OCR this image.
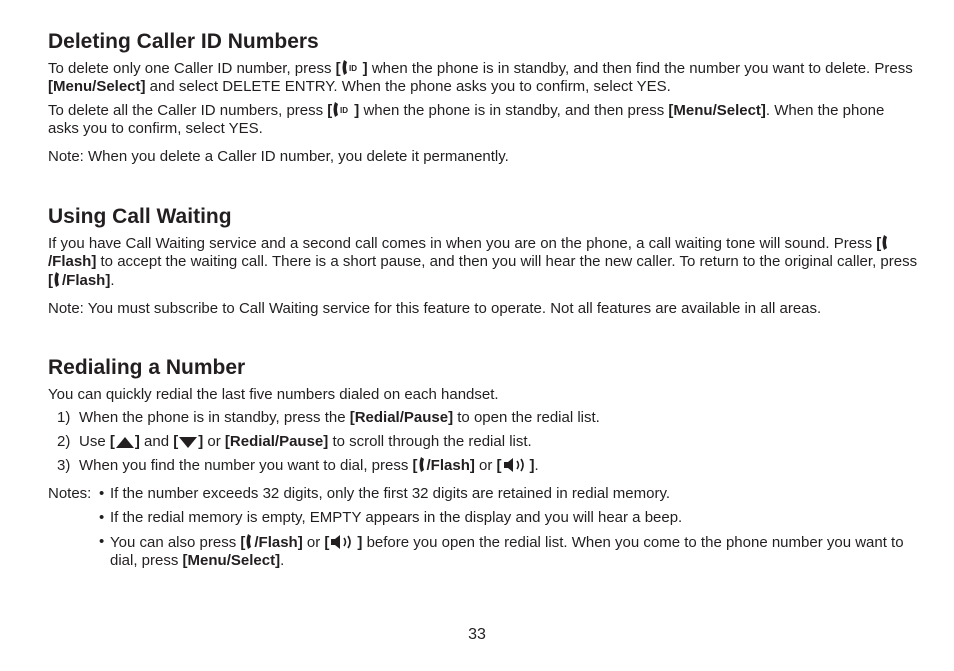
Deleting Caller ID Numbers

To delete only one Caller ID number, press [ ID ] when the phone is in standby, and then find the number you want to delete. Press [Menu/Select] and select DELETE ENTRY. When the phone asks you to confirm, select YES.

To delete all the Caller ID numbers, press [ ID ] when the phone is in standby, and then press [Menu/Select]. When the phone asks you to confirm, select YES.

Note: When you delete a Caller ID number, you delete it permanently.

Using Call Waiting

If you have Call Waiting service and a second call comes in when you are on the phone, a call waiting tone will sound. Press [/Flash] to accept the waiting call. There is a short pause, and then you will hear the new caller. To return to the original caller, press [ /Flash].

Note: You must subscribe to Call Waiting service for this feature to operate. Not all features are available in all areas.

Redialing a Number

You can quickly redial the last five numbers dialed on each handset.

1) When the phone is in standby, press the [Redial/Pause] to open the redial list.
2) Use [ ] and [ ] or [Redial/Pause] to scroll through the redial list.
3) When you find the number you want to dial, press [ /Flash] or [ ].
Notes: • If the number exceeds 32 digits, only the first 32 digits are retained in redial memory.
• If the redial memory is empty, EMPTY appears in the display and you will hear a beep.
• You can also press [ /Flash] or [ ] before you open the redial list. When you come to the phone number you want to dial, press [Menu/Select].
33
